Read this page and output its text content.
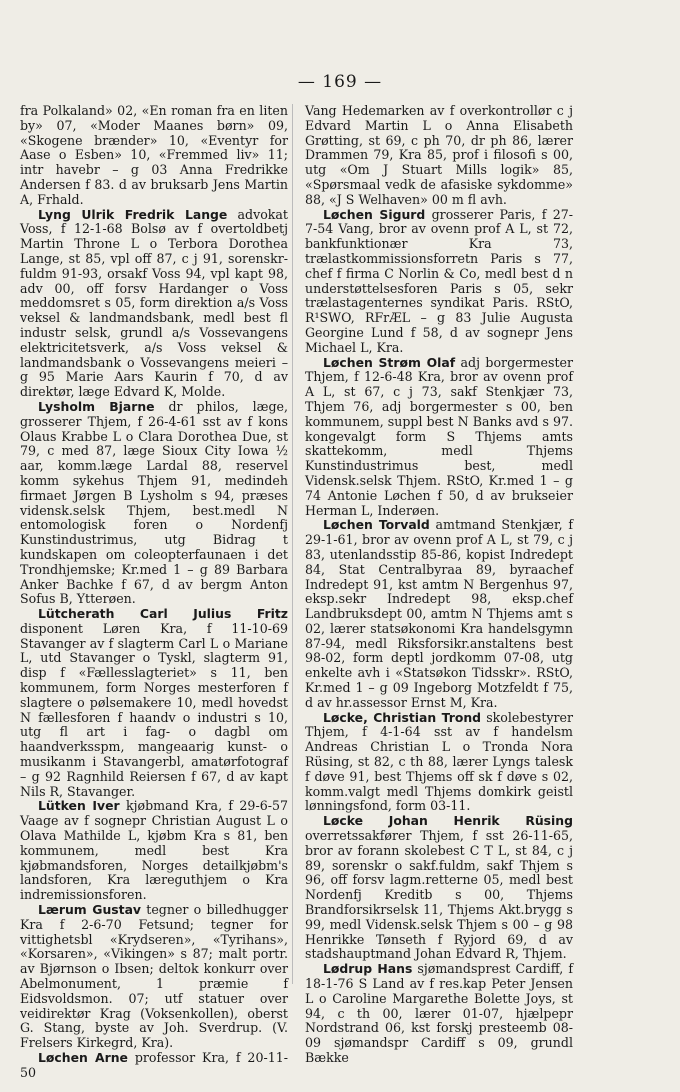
— 169 —

fra Polkaland» 02, «En roman fra en liten by» 07, «Moder Maanes børn» 09, «Skogene brænder» 10, «Eventyr for Aase o Esben» 10, «Fremmed liv» 11; intr havebr – g 03 Anna Fredrikke Andersen f 83. d av bruksarb Jens Martin A, Frhald.

Lyng Ulrik Fredrik Lange advokat Voss, f 12-1-68 Bolsø av f overtoldbetj Martin Throne L o Terbora Dorothea Lange, st 85, vpl off 87, c j 91, sorenskr-fuldm 91-93, orsakf Voss 94, vpl kapt 98, adv 00, off forsv Hardanger o Voss meddomsret s 05, form direktion a/s Voss veksel & landmandsbank, medl best fl industr selsk, grundl a/s Vossevangens elektricitetsverk, a/s Voss veksel & landmandsbank o Vossevangens meieri – g 95 Marie Aars Kaurin f 70, d av direktør, læge Edvard K, Molde.

Lysholm Bjarne dr philos, læge, grosserer Thjem, f 26-4-61 sst av f kons Olaus Krabbe L o Clara Dorothea Due, st 79, c med 87, læge Sioux City Iowa ½ aar, komm.læge Lardal 88, reservel komm sykehus Thjem 91, medindeh firmaet Jørgen B Lysholm s 94, præses vidensk.selsk Thjem, best.medl N entomologisk foren o Nordenfj Kunstindustrimus, utg Bidrag t kundskapen om coleopterfaunaen i det Trondhjemske; Kr.med 1 – g 89 Barbara Anker Bachke f 67, d av bergm Anton Sofus B, Ytterøen.

Lütcherath Carl Julius Fritz disponent Løren Kra, f 11-10-69 Stavanger av f slagterm Carl L o Mariane L, utd Stavanger o Tyskl, slagterm 91, disp f «Fællesslagteriet» s 11, ben kommunem, form Norges mesterforen f slagtere o pølsemakere 10, medl hovedst N fællesforen f haandv o industri s 10, utg fl art i fag- o dagbl om haandverksspm, mangeaarig kunst- o musikanm i Stavangerbl, amatørfotograf – g 92 Ragnhild Reiersen f 67, d av kapt Nils R, Stavanger.

Lütken Iver kjøbmand Kra, f 29-6-57 Vaage av f sognepr Christian August L o Olava Mathilde L, kjøbm Kra s 81, ben kommunem, medl best Kra kjøbmandsforen, Norges detailkjøbm's landsforen, Kra læreguthjem o Kra indremissionsforen.

Lærum Gustav tegner o billedhugger Kra f 2-6-70 Fetsund; tegner for vittighetsbl «Krydseren», «Tyrihans», «Korsaren», «Vikingen» s 87; malt portr. av Bjørnson o Ibsen; deltok konkurr over Abelmonument, 1 præmie f Eidsvoldsmon. 07; utf statuer over veidirektør Krag (Voksenkollen), oberst G. Stang, byste av Joh. Sverdrup. (V. Frelsers Kirkegrd, Kra).

Løchen Arne professor Kra, f 20-11-50

Vang Hedemarken av f overkontrollør c j Edvard Martin L o Anna Elisabeth Grøtting, st 69, c ph 70, dr ph 86, lærer Drammen 79, Kra 85, prof i filosofi s 00, utg «Om J Stuart Mills logik» 85, «Spørsmaal vedk de afasiske sykdomme» 88, «J S Welhaven» 00 m fl avh.

Løchen Sigurd grosserer Paris, f 27-7-54 Vang, bror av ovenn prof A L, st 72, bankfunktionær Kra 73, trælastkommissionsforretn Paris s 77, chef f firma C Norlin & Co, medl best d n understøttelsesforen Paris s 05, sekr trælastagenternes syndikat Paris. RStO, R¹SWO, RFrÆL – g 83 Julie Augusta Georgine Lund f 58, d av sognepr Jens Michael L, Kra.

Løchen Strøm Olaf adj borgermester Thjem, f 12-6-48 Kra, bror av ovenn prof A L, st 67, c j 73, sakf Stenkjær 73, Thjem 76, adj borgermester s 00, ben kommunem, suppl best N Banks avd s 97. kongevalgt form S Thjems amts skattekomm, medl Thjems Kunstindustrimus best, medl Vidensk.selsk Thjem. RStO, Kr.med 1 – g 74 Antonie Løchen f 50, d av brukseier Herman L, Inderøen.

Løchen Torvald amtmand Stenkjær, f 29-1-61, bror av ovenn prof A L, st 79, c j 83, utenlandsstip 85-86, kopist Indredept 84, Stat Centralbyraa 89, byraachef Indredept 91, kst amtm N Bergenhus 97, eksp.sekr Indredept 98, eksp.chef Landbruksdept 00, amtm N Thjems amt s 02, lærer statsøkonomi Kra handelsgymn 87-94, medl Riksforsikr.anstaltens best 98-02, form deptl jordkomm 07-08, utg enkelte avh i «Statsøkon Tidsskr». RStO, Kr.med 1 – g 09 Ingeborg Motzfeldt f 75, d av hr.assessor Ernst M, Kra.

Løcke, Christian Trond skolebestyrer Thjem, f 4-1-64 sst av f handelsm Andreas Christian L o Tronda Nora Rüsing, st 82, c th 88, lærer Lyngs talesk f døve 91, best Thjems off sk f døve s 02, komm.valgt medl Thjems domkirk geistl lønningsfond, form 03-11.

Løcke Johan Henrik Rüsing overretssakfører Thjem, f sst 26-11-65, bror av forann skolebest C T L, st 84, c j 89, sorenskr o sakf.fuldm, sakf Thjem s 96, off forsv lagm.retterne 05, medl best Nordenfj Kreditb s 00, Thjems Brandforsikrselsk 11, Thjems Akt.brygg s 99, medl Vidensk.selsk Thjem s 00 – g 98 Henrikke Tønseth f Ryjord 69, d av stadshauptmand Johan Edvard R, Thjem.

Lødrup Hans sjømandsprest Cardiff, f 18-1-76 S Land av f res.kap Peter Jensen L o Caroline Margarethe Bolette Joys, st 94, c th 00, lærer 01-07, hjælpepr Nordstrand 06, kst forskj presteemb 08-09 sjømandspr Cardiff s 09, grundl Bække
